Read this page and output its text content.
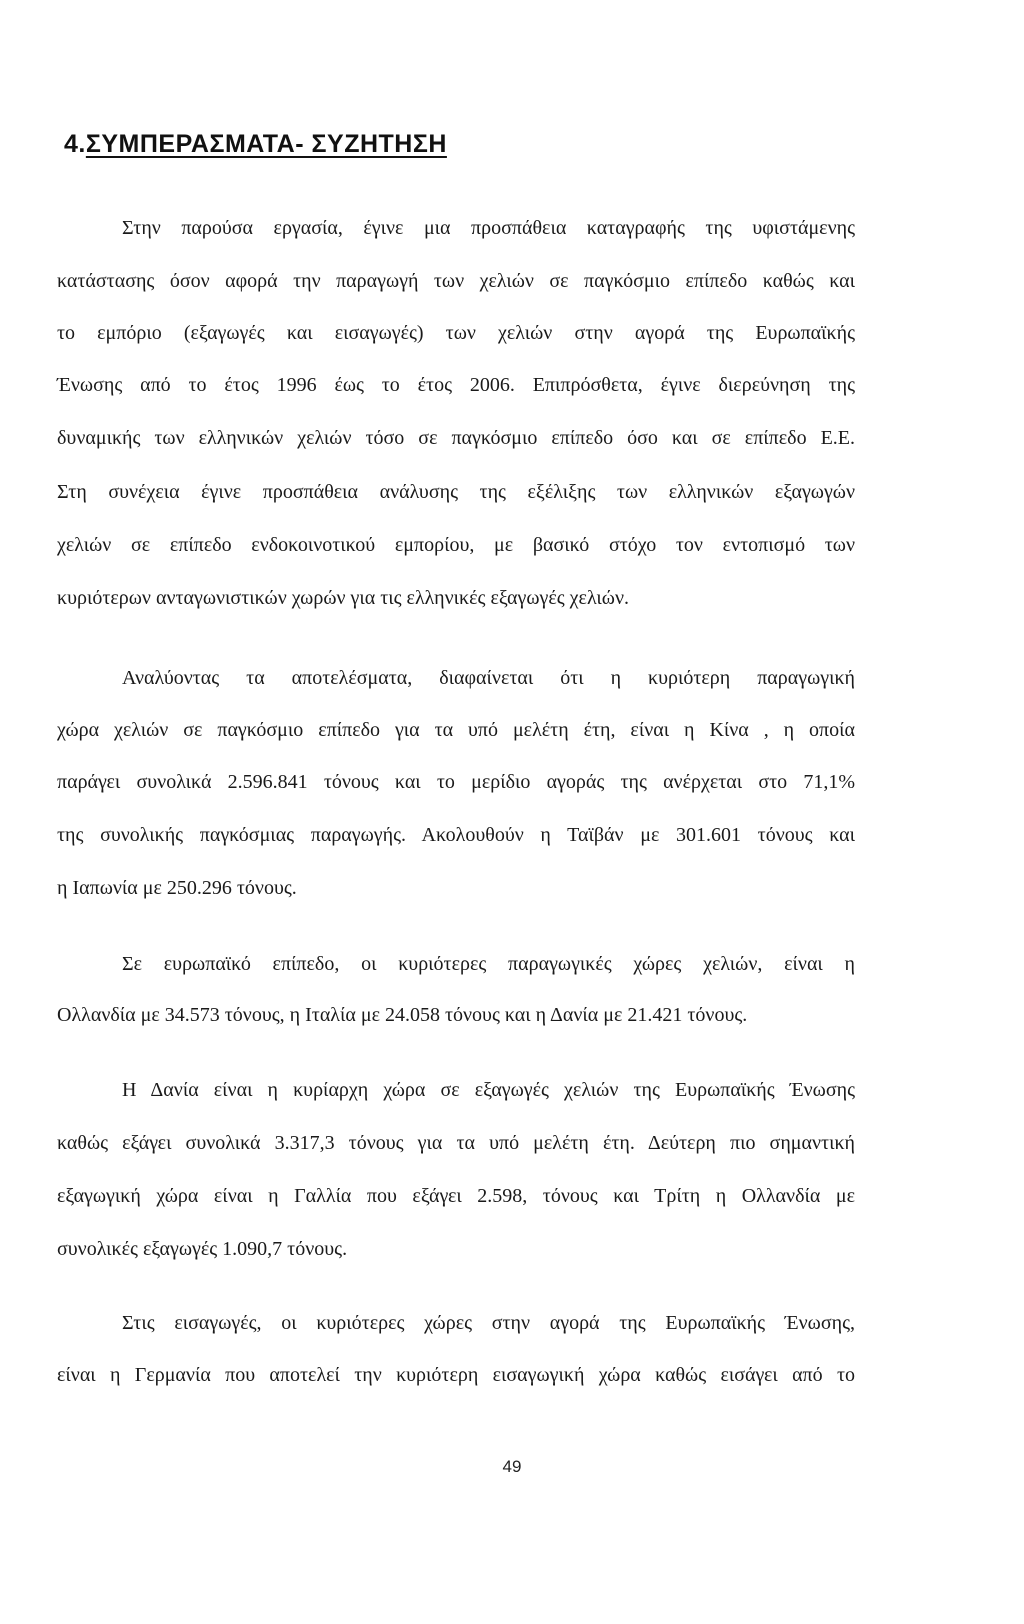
4.ΣΥΜΠΕΡΑΣΜΑΤΑ- ΣΥΖΗΤΗΣΗ
Στην παρούσα εργασία, έγινε μια προσπάθεια καταγραφής της υφιστάμενης
κατάστασης όσον αφορά την παραγωγή των χελιών σε παγκόσμιο επίπεδο καθώς και
το εμπόριο (εξαγωγές και εισαγωγές) των χελιών στην αγορά της Ευρωπαϊκής
Ένωσης από το έτος 1996 έως το έτος 2006. Επιπρόσθετα, έγινε διερεύνηση της
δυναμικής των ελληνικών χελιών τόσο σε παγκόσμιο επίπεδο όσο και σε επίπεδο Ε.Ε.
Στη συνέχεια έγινε προσπάθεια ανάλυσης της εξέλιξης των ελληνικών εξαγωγών
χελιών σε επίπεδο ενδοκοινοτικού εμπορίου, με βασικό στόχο τον εντοπισμό των
κυριότερων ανταγωνιστικών χωρών για τις ελληνικές εξαγωγές χελιών.
Αναλύοντας τα αποτελέσματα, διαφαίνεται ότι η κυριότερη παραγωγική
χώρα χελιών σε παγκόσμιο επίπεδο για τα υπό μελέτη έτη, είναι η Κίνα , η οποία
παράγει συνολικά 2.596.841 τόνους και το μερίδιο αγοράς της ανέρχεται στο 71,1%
της συνολικής παγκόσμιας παραγωγής. Ακολουθούν η Ταϊβάν με 301.601 τόνους και
η Ιαπωνία με 250.296 τόνους.
Σε ευρωπαϊκό επίπεδο, οι κυριότερες παραγωγικές χώρες χελιών, είναι η
Ολλανδία με 34.573 τόνους, η Ιταλία με 24.058 τόνους και η Δανία με 21.421 τόνους.
Η Δανία είναι η κυρίαρχη χώρα σε εξαγωγές χελιών της Ευρωπαϊκής Ένωσης
καθώς εξάγει συνολικά 3.317,3 τόνους για τα υπό μελέτη έτη. Δεύτερη πιο σημαντική
εξαγωγική χώρα είναι η Γαλλία που εξάγει 2.598, τόνους και Τρίτη η Ολλανδία με
συνολικές εξαγωγές 1.090,7 τόνους.
Στις εισαγωγές, οι κυριότερες χώρες στην αγορά της Ευρωπαϊκής Ένωσης,
είναι η Γερμανία που αποτελεί την κυριότερη εισαγωγική χώρα καθώς εισάγει από το
49
